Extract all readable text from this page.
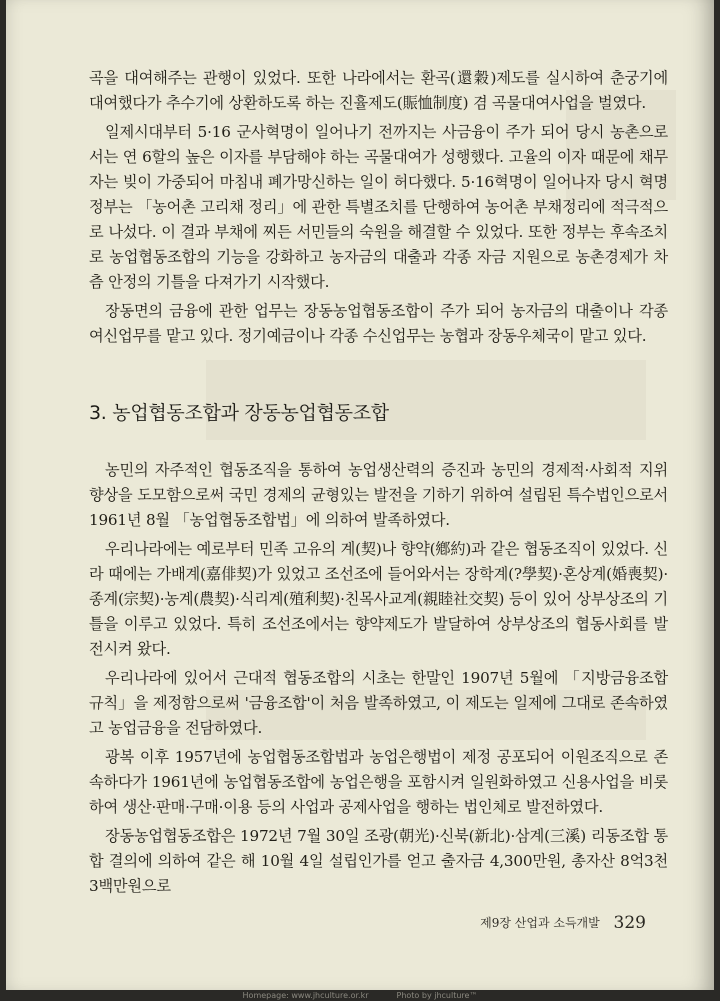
곡을 대여해주는 관행이 있었다. 또한 나라에서는 환곡(還穀)제도를 실시하여 춘궁기에 대여했다가 추수기에 상환하도록 하는 진휼제도(賑恤制度) 겸 곡물대여사업을 벌였다.

일제시대부터 5·16 군사혁명이 일어나기 전까지는 사금융이 주가 되어 당시 농촌으로서는 연 6할의 높은 이자를 부담해야 하는 곡물대여가 성행했다. 고율의 이자 때문에 채무자는 빚이 가중되어 마침내 폐가망신하는 일이 허다했다. 5·16혁명이 일어나자 당시 혁명정부는 「농어촌 고리채 정리」에 관한 특별조치를 단행하여 농어촌 부채정리에 적극적으로 나섰다. 이 결과 부채에 찌든 서민들의 숙원을 해결할 수 있었다. 또한 정부는 후속조치로 농업협동조합의 기능을 강화하고 농자금의 대출과 각종 자금 지원으로 농촌경제가 차츰 안정의 기틀을 다져가기 시작했다.

장동면의 금융에 관한 업무는 장동농업협동조합이 주가 되어 농자금의 대출이나 각종 여신업무를 맡고 있다. 정기예금이나 각종 수신업무는 농협과 장동우체국이 맡고 있다.

3. 농업협동조합과 장동농업협동조합

농민의 자주적인 협동조직을 통하여 농업생산력의 증진과 농민의 경제적·사회적 지위 향상을 도모함으로써 국민 경제의 균형있는 발전을 기하기 위하여 설립된 특수법인으로서 1961년 8월 「농업협동조합법」에 의하여 발족하였다.

우리나라에는 예로부터 민족 고유의 계(契)나 향약(鄕約)과 같은 협동조직이 있었다. 신라 때에는 가배계(嘉俳契)가 있었고 조선조에 들어와서는 장학계(?學契)·혼상계(婚喪契)·종계(宗契)·농계(農契)·식리계(殖利契)·친목사교계(親睦社交契) 등이 있어 상부상조의 기틀을 이루고 있었다. 특히 조선조에서는 향약제도가 발달하여 상부상조의 협동사회를 발전시켜 왔다.

우리나라에 있어서 근대적 협동조합의 시초는 한말인 1907년 5월에 「지방금융조합 규칙」을 제정함으로써 '금융조합'이 처음 발족하였고, 이 제도는 일제에 그대로 존속하였고 농업금융을 전담하였다.

광복 이후 1957년에 농업협동조합법과 농업은행법이 제정 공포되어 이원조직으로 존속하다가 1961년에 농업협동조합에 농업은행을 포함시켜 일원화하였고 신용사업을 비롯하여 생산·판매·구매·이용 등의 사업과 공제사업을 행하는 법인체로 발전하였다.

장동농업협동조합은 1972년 7월 30일 조광(朝光)·신북(新北)·삼계(三溪) 리동조합 통합 결의에 의하여 같은 해 10월 4일 설립인가를 얻고 출자금 4,300만원, 총자산 8억3천3백만원으로

제9장 산업과 소득개발 329
Homepage: www.jhculture.or.kr	Photo by jhculture™
